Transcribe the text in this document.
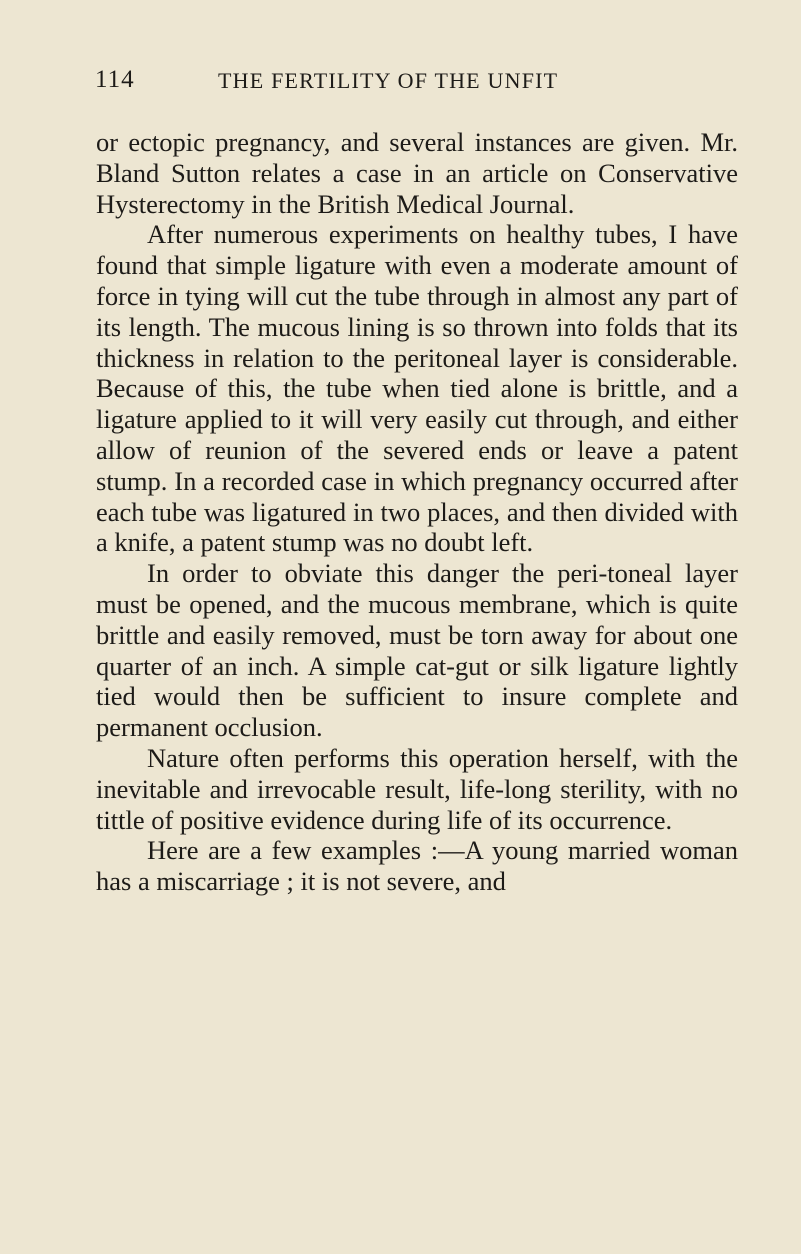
114	THE FERTILITY OF THE UNFIT

or ectopic pregnancy, and several instances are given. Mr. Bland Sutton relates a case in an article on Conservative Hysterectomy in the British Medical Journal.

After numerous experiments on healthy tubes, I have found that simple ligature with even a moderate amount of force in tying will cut the tube through in almost any part of its length. The mucous lining is so thrown into folds that its thickness in relation to the peritoneal layer is considerable. Because of this, the tube when tied alone is brittle, and a ligature applied to it will very easily cut through, and either allow of reunion of the severed ends or leave a patent stump. In a recorded case in which pregnancy occurred after each tube was ligatured in two places, and then divided with a knife, a patent stump was no doubt left.

In order to obviate this danger the peri-toneal layer must be opened, and the mucous membrane, which is quite brittle and easily removed, must be torn away for about one quarter of an inch. A simple cat-gut or silk ligature lightly tied would then be sufficient to insure complete and permanent occlusion.

Nature often performs this operation herself, with the inevitable and irrevocable result, life-long sterility, with no tittle of positive evidence during life of its occurrence.

Here are a few examples :—A young married woman has a miscarriage ; it is not severe, and
